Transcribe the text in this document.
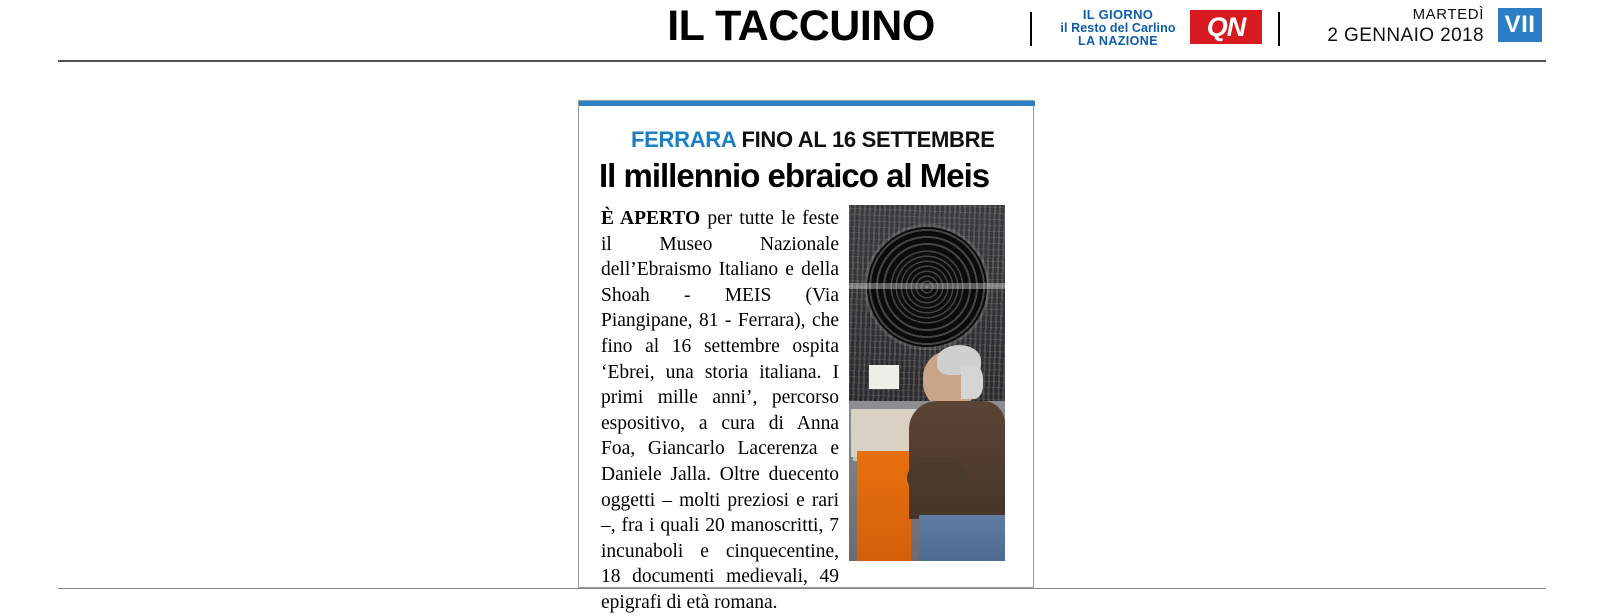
IL TACCUINO	IL GIORNO
il Resto del Carlino
LA NAZIONE	QN	MARTEDÌ
2 GENNAIO 2018 VII
FERRARA FINO AL 16 SETTEMBRE
Il millennio ebraico al Meis
È APERTO per tutte le feste il Museo Nazionale dell’Ebraismo Italiano e della Shoah - MEIS (Via Piangipane, 81 - Ferrara), che fino al 16 settembre ospita ‘Ebrei, una storia italiana. I primi mille anni’, percorso espositivo, a cura di Anna Foa, Giancarlo Lacerenza e Daniele Jalla. Oltre duecento oggetti – molti preziosi e rari –, fra i quali 20 manoscritti, 7 incunaboli e cinquecentine, 18 documenti medievali, 49 epigrafi di età romana.
